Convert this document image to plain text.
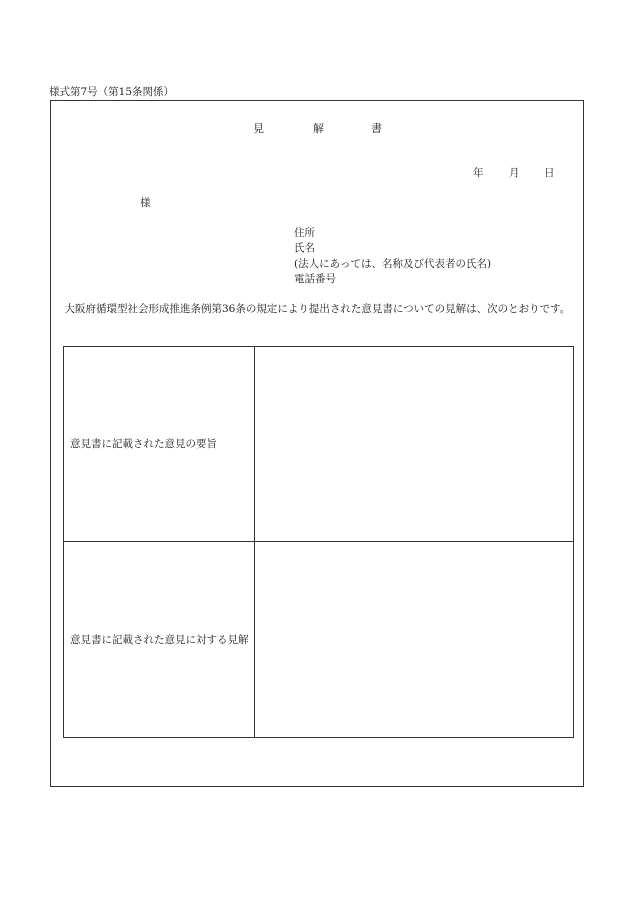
様式第7号（第15条関係）
見	解	書
年 月 日
様
住所
氏名
(法人にあっては、名称及び代表者の氏名)
電話番号
大阪府循環型社会形成推進条例第36条の規定により提出された意見書についての見解は、次のとおりです。
意見書に記載された意見の要旨	
意見書に記載された意見に対する見解	
